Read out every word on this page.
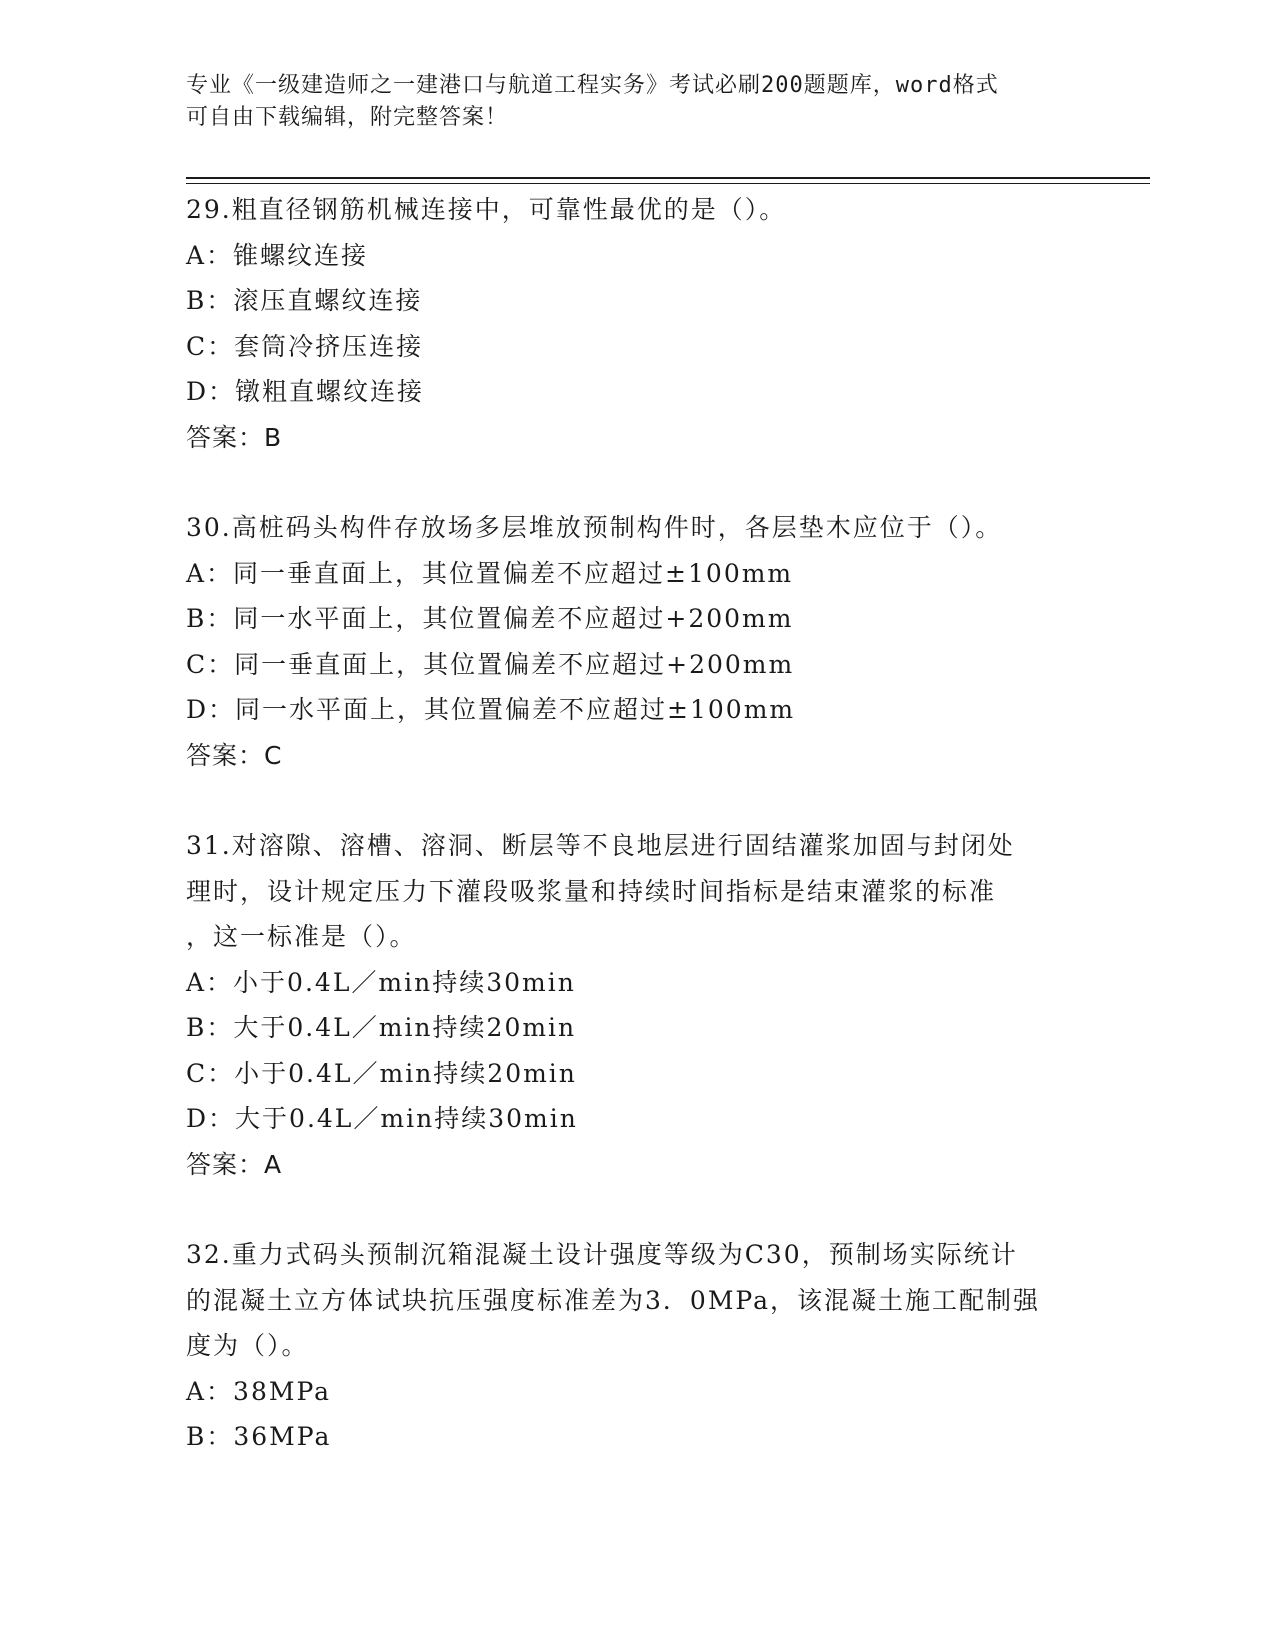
专业《一级建造师之一建港口与航道工程实务》考试必刷200题题库，word格式

可自由下载编辑，附完整答案！

29.粗直径钢筋机械连接中，可靠性最优的是（）。
A：锥螺纹连接
B：滚压直螺纹连接
C：套筒冷挤压连接
D：镦粗直螺纹连接
答案：B
30.高桩码头构件存放场多层堆放预制构件时，各层垫木应位于（）。
A：同一垂直面上，其位置偏差不应超过±100mm
B：同一水平面上，其位置偏差不应超过+200mm
C：同一垂直面上，其位置偏差不应超过+200mm
D：同一水平面上，其位置偏差不应超过±100mm
答案：C
31.对溶隙、溶槽、溶洞、断层等不良地层进行固结灌浆加固与封闭处
理时，设计规定压力下灌段吸浆量和持续时间指标是结束灌浆的标准
，这一标准是（）。
A：小于0.4L／min持续30min
B：大于0.4L／min持续20min
C：小于0.4L／min持续20min
D：大于0.4L／min持续30min
答案：A
32.重力式码头预制沉箱混凝土设计强度等级为C30，预制场实际统计
的混凝土立方体试块抗压强度标准差为3．0MPa，该混凝土施工配制强
度为（）。
A：38MPa
B：36MPa
